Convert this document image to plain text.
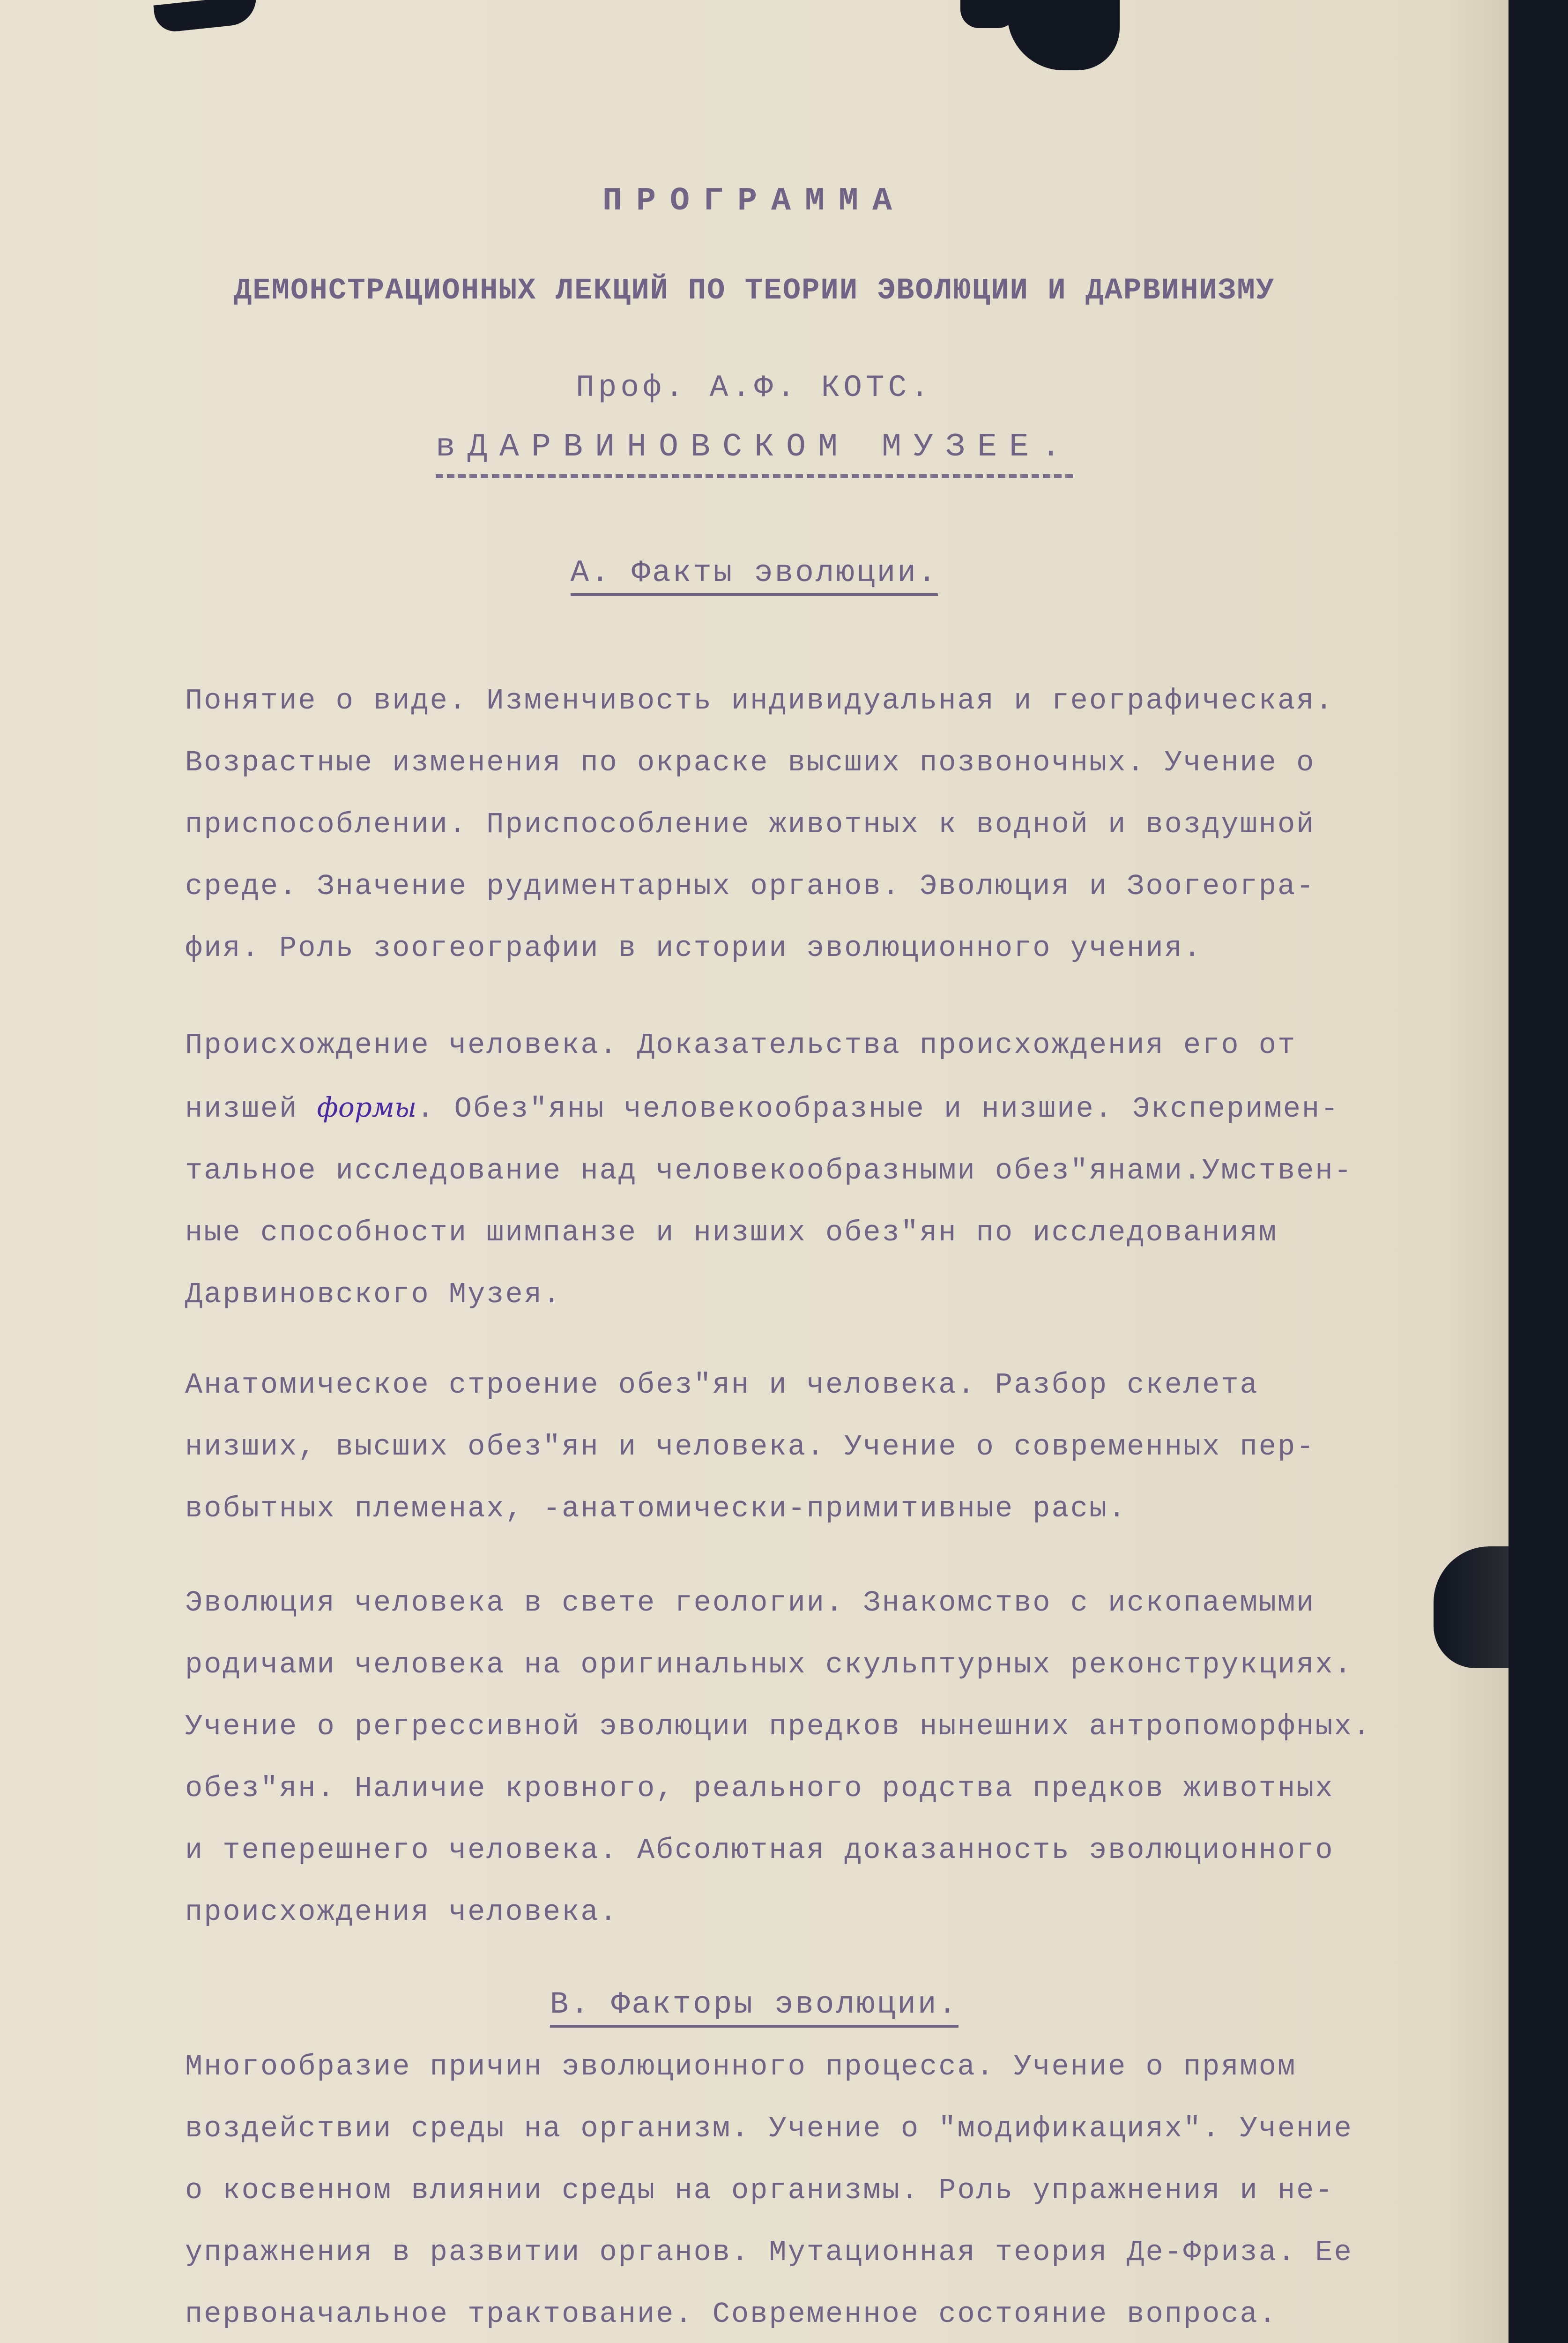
ПРОГРАММА
ДЕМОНСТРАЦИОННЫХ ЛЕКЦИЙ ПО ТЕОРИИ ЭВОЛЮЦИИ И ДАРВИНИЗМУ
Проф. А.Ф. КОТС.
вДАРВИНОВСКОМ МУЗЕЕ.
А. Факты эволюции.
Понятие о виде. Изменчивость индивидуальная и географическая.
Возрастные изменения по окраске высших позвоночных. Учение о
приспособлении. Приспособление животных к водной и воздушной
среде. Значение рудиментарных органов. Эволюция и Зоогеогра-
фия. Роль зоогеографии в истории эволюционного учения.
Происхождение человека. Доказательства происхождения его от
низшей формы. Обез"яны человекообразные и низшие. Эксперимен-
тальное исследование над человекообразными обез"янами.Умствен-
ные способности шимпанзе и низших обез"ян по исследованиям
Дарвиновского Музея.
Анатомическое строение обез"ян и человека. Разбор скелета
низших, высших обез"ян и человека. Учение о современных пер-
вобытных племенах, -анатомически-примитивные расы.
Эволюция человека в свете геологии. Знакомство с ископаемыми
родичами человека на оригинальных скульптурных реконструкциях.
Учение о регрессивной эволюции предков нынешних антропоморфных.
обез"ян. Наличие кровного, реального родства предков животных
и теперешнего человека. Абсолютная доказанность эволюционного
происхождения человека.
В. Факторы эволюции.
Многообразие причин эволюционного процесса. Учение о прямом
воздействии среды на организм. Учение о "модификациях". Учение
о косвенном влиянии среды на организмы. Роль упражнения и не-
упражнения в развитии органов. Мутационная теория Де-Фриза. Ее
первоначальное трактование. Современное состояние вопроса.
